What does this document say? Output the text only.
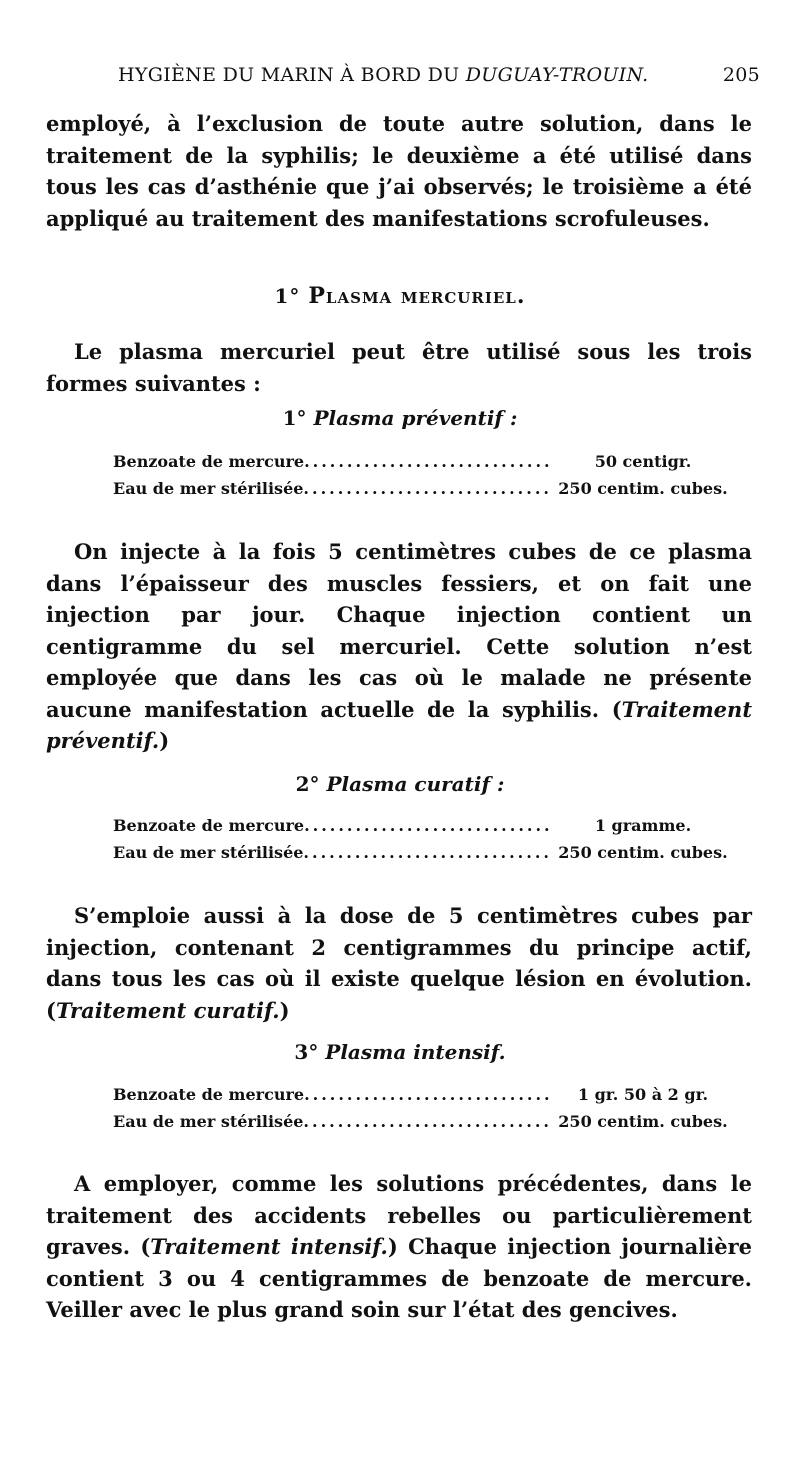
HYGIÈNE DU MARIN À BORD DU DUGUAY-TROUIN.	205

employé, à l’exclusion de toute autre solution, dans le traitement de la syphilis; le deuxième a été utilisé dans tous les cas d’asthénie que j’ai observés; le troisième a été appliqué au traitement des manifestations scrofuleuses.

1° Plasma mercuriel.

Le plasma mercuriel peut être utilisé sous les trois formes suivantes :

1° Plasma préventif :
Benzoate de mercure .....	50 centigr.
Eau de mer stérilisée .....	250 centim. cubes.

On injecte à la fois 5 centimètres cubes de ce plasma dans l’épaisseur des muscles fessiers, et on fait une injection par jour. Chaque injection contient un centigramme du sel mercuriel. Cette solution n’est employée que dans les cas où le malade ne présente aucune manifestation actuelle de la syphilis. (Traitement préventif.)

2° Plasma curatif :
Benzoate de mercure .....	1 gramme.
Eau de mer stérilisée .....	250 centim. cubes.

S’emploie aussi à la dose de 5 centimètres cubes par injection, contenant 2 centigrammes du principe actif, dans tous les cas où il existe quelque lésion en évolution. (Traitement curatif.)

3° Plasma intensif.
Benzoate de mercure .....	1 gr. 50 à 2 gr.
Eau de mer stérilisée .....	250 centim. cubes.

A employer, comme les solutions précédentes, dans le traitement des accidents rebelles ou particulièrement graves. (Traitement intensif.) Chaque injection journalière contient 3 ou 4 centigrammes de benzoate de mercure. Veiller avec le plus grand soin sur l’état des gencives.
